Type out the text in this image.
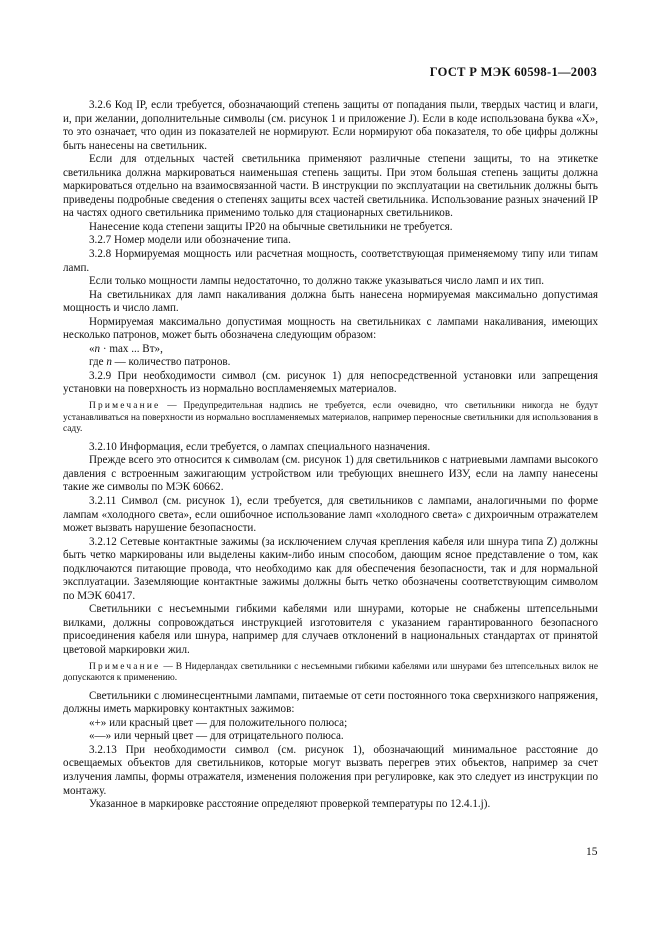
ГОСТ Р МЭК 60598-1—2003

3.2.6 Код IP, если требуется, обозначающий степень защиты от попадания пыли, твердых частиц и влаги, и, при желании, дополнительные символы (см. рисунок 1 и приложение J). Если в коде использована буква «X», то это означает, что один из показателей не нормируют. Если нормируют оба показателя, то обе цифры должны быть нанесены на светильник.

Если для отдельных частей светильника применяют различные степени защиты, то на этикетке светильника должна маркироваться наименьшая степень защиты. При этом большая степень защиты должна маркироваться отдельно на взаимосвязанной части. В инструкции по эксплуатации на светильник должны быть приведены подробные сведения о степенях защиты всех частей светильника. Использование разных значений IP на частях одного светильника применимо только для стационарных светильников.

Нанесение кода степени защиты IP20 на обычные светильники не требуется.

3.2.7 Номер модели или обозначение типа.

3.2.8 Нормируемая мощность или расчетная мощность, соответствующая применяемому типу или типам ламп.

Если только мощности лампы недостаточно, то должно также указываться число ламп и их тип.

На светильниках для ламп накаливания должна быть нанесена нормируемая максимально допустимая мощность и число ламп.

Нормируемая максимально допустимая мощность на светильниках с лампами накаливания, имеющих несколько патронов, может быть обозначена следующим образом:

«n · max ... Вт»,

где n — количество патронов.

3.2.9 При необходимости символ (см. рисунок 1) для непосредственной установки или запрещения установки на поверхность из нормально воспламеняемых материалов.

Примечание — Предупредительная надпись не требуется, если очевидно, что светильники никогда не будут устанавливаться на поверхности из нормально воспламеняемых материалов, например переносные светильники для использования в саду.

3.2.10 Информация, если требуется, о лампах специального назначения.

Прежде всего это относится к символам (см. рисунок 1) для светильников с натриевыми лампами высокого давления с встроенным зажигающим устройством или требующих внешнего ИЗУ, если на лампу нанесены такие же символы по МЭК 60662.

3.2.11 Символ (см. рисунок 1), если требуется, для светильников с лампами, аналогичными по форме лампам «холодного света», если ошибочное использование ламп «холодного света» с дихроичным отражателем может вызвать нарушение безопасности.

3.2.12 Сетевые контактные зажимы (за исключением случая крепления кабеля или шнура типа Z) должны быть четко маркированы или выделены каким-либо иным способом, дающим ясное представление о том, как подключаются питающие провода, что необходимо как для обеспечения безопасности, так и для нормальной эксплуатации. Заземляющие контактные зажимы должны быть четко обозначены соответствующим символом по МЭК 60417.

Светильники с несъемными гибкими кабелями или шнурами, которые не снабжены штепсельными вилками, должны сопровождаться инструкцией изготовителя с указанием гарантированного безопасного присоединения кабеля или шнура, например для случаев отклонений в национальных стандартах от принятой цветовой маркировки жил.

Примечание — В Нидерландах светильники с несъемными гибкими кабелями или шнурами без штепсельных вилок не допускаются к применению.

Светильники с люминесцентными лампами, питаемые от сети постоянного тока сверхнизкого напряжения, должны иметь маркировку контактных зажимов:

«+» или красный цвет — для положительного полюса;

«—» или черный цвет — для отрицательного полюса.

3.2.13 При необходимости символ (см. рисунок 1), обозначающий минимальное расстояние до освещаемых объектов для светильников, которые могут вызвать перегрев этих объектов, например за счет излучения лампы, формы отражателя, изменения положения при регулировке, как это следует из инструкции по монтажу.

Указанное в маркировке расстояние определяют проверкой температуры по 12.4.1.j).

15
